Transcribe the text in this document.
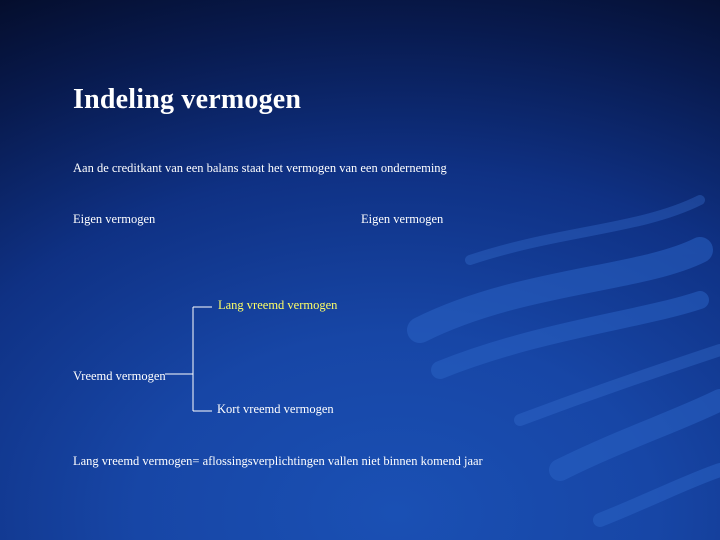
Indeling vermogen
Aan de creditkant van een balans staat het vermogen van een onderneming
Eigen vermogen	Eigen vermogen
Lang vreemd vermogen
Vreemd vermogen
Kort vreemd vermogen
Lang vreemd vermogen= aflossingsverplichtingen vallen niet binnen komend jaar
